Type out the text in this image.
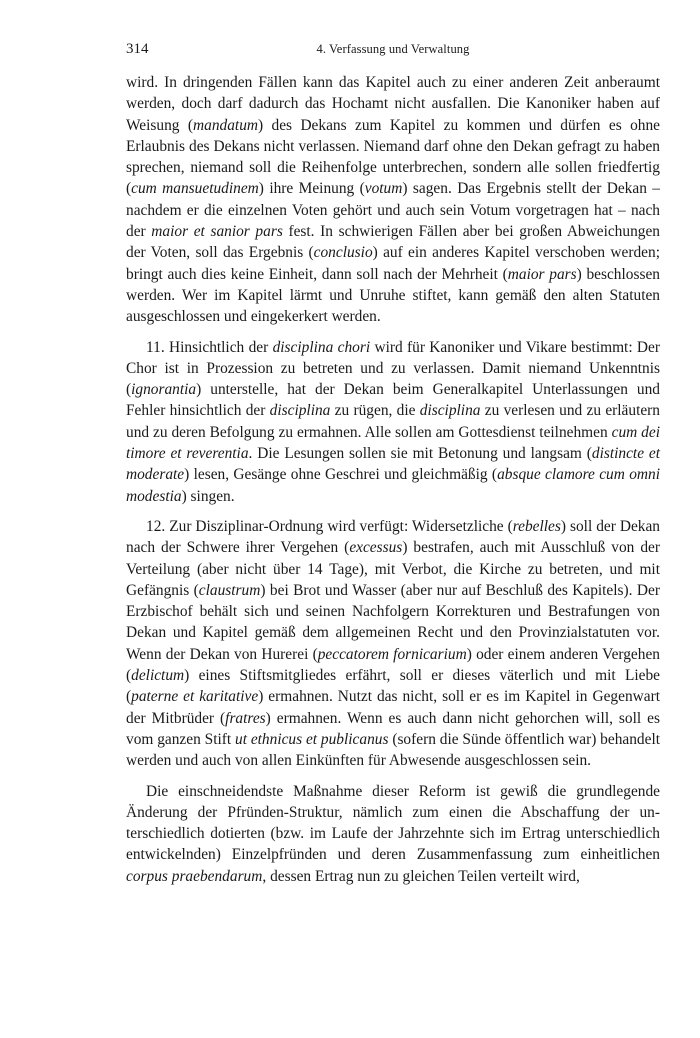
314	4. Verfassung und Verwaltung

wird. In dringenden Fällen kann das Kapitel auch zu einer anderen Zeit anberaumt werden, doch darf dadurch das Hochamt nicht ausfallen. Die Kanoniker haben auf Weisung (mandatum) des Dekans zum Kapitel zu kommen und dürfen es ohne Erlaubnis des Dekans nicht verlassen. Niemand darf ohne den Dekan gefragt zu haben sprechen, niemand soll die Reihenfolge unterbrechen, sondern alle sollen friedfertig (cum mansuetudinem) ihre Meinung (votum) sagen. Das Ergebnis stellt der Dekan – nachdem er die einzelnen Voten gehört und auch sein Votum vorgetragen hat – nach der maior et sanior pars fest. In schwierigen Fällen aber bei großen Abweichungen der Voten, soll das Ergebnis (conclusio) auf ein anderes Kapitel verschoben werden; bringt auch dies keine Einheit, dann soll nach der Mehrheit (maior pars) beschlossen werden. Wer im Kapitel lärmt und Unruhe stiftet, kann gemäß den alten Statuten ausgeschlossen und eingekerkert werden.

11. Hinsichtlich der disciplina chori wird für Kanoniker und Vikare bestimmt: Der Chor ist in Prozession zu betreten und zu verlassen. Damit niemand Unkenntnis (ignorantia) unterstelle, hat der Dekan beim Generalkapitel Unterlassungen und Fehler hinsichtlich der disciplina zu rügen, die disciplina zu verlesen und zu erläutern und zu deren Befolgung zu ermahnen. Alle sollen am Gottesdienst teilnehmen cum dei timore et reverentia. Die Lesungen sollen sie mit Betonung und langsam (distincte et moderate) lesen, Gesänge ohne Geschrei und gleichmäßig (absque clamore cum omni modestia) singen.

12. Zur Disziplinar-Ordnung wird verfügt: Widersetzliche (rebelles) soll der Dekan nach der Schwere ihrer Vergehen (excessus) bestrafen, auch mit Ausschluß von der Verteilung (aber nicht über 14 Tage), mit Verbot, die Kirche zu betreten, und mit Gefängnis (claustrum) bei Brot und Wasser (aber nur auf Beschluß des Kapitels). Der Erzbischof behält sich und seinen Nachfolgern Korrekturen und Bestrafungen von Dekan und Kapitel gemäß dem allgemeinen Recht und den Provinzialstatuten vor. Wenn der Dekan von Hurerei (peccatorem fornicarium) oder einem anderen Vergehen (delictum) eines Stiftsmitgliedes erfährt, soll er dieses väterlich und mit Liebe (paterne et karitative) ermahnen. Nutzt das nicht, soll er es im Kapitel in Gegenwart der Mitbrüder (fratres) ermahnen. Wenn es auch dann nicht gehorchen will, soll es vom ganzen Stift ut ethnicus et publicanus (sofern die Sünde öffentlich war) behandelt werden und auch von allen Einkünften für Abwesende ausgeschlossen sein.

Die einschneidendste Maßnahme dieser Reform ist gewiß die grundlegende Änderung der Pfründen-Struktur, nämlich zum einen die Abschaffung der unterschiedlich dotierten (bzw. im Laufe der Jahrzehnte sich im Ertrag unterschiedlich entwickelnden) Einzelpfründen und deren Zusammenfassung zum einheitlichen corpus praebendarum, dessen Ertrag nun zu gleichen Teilen verteilt wird,
